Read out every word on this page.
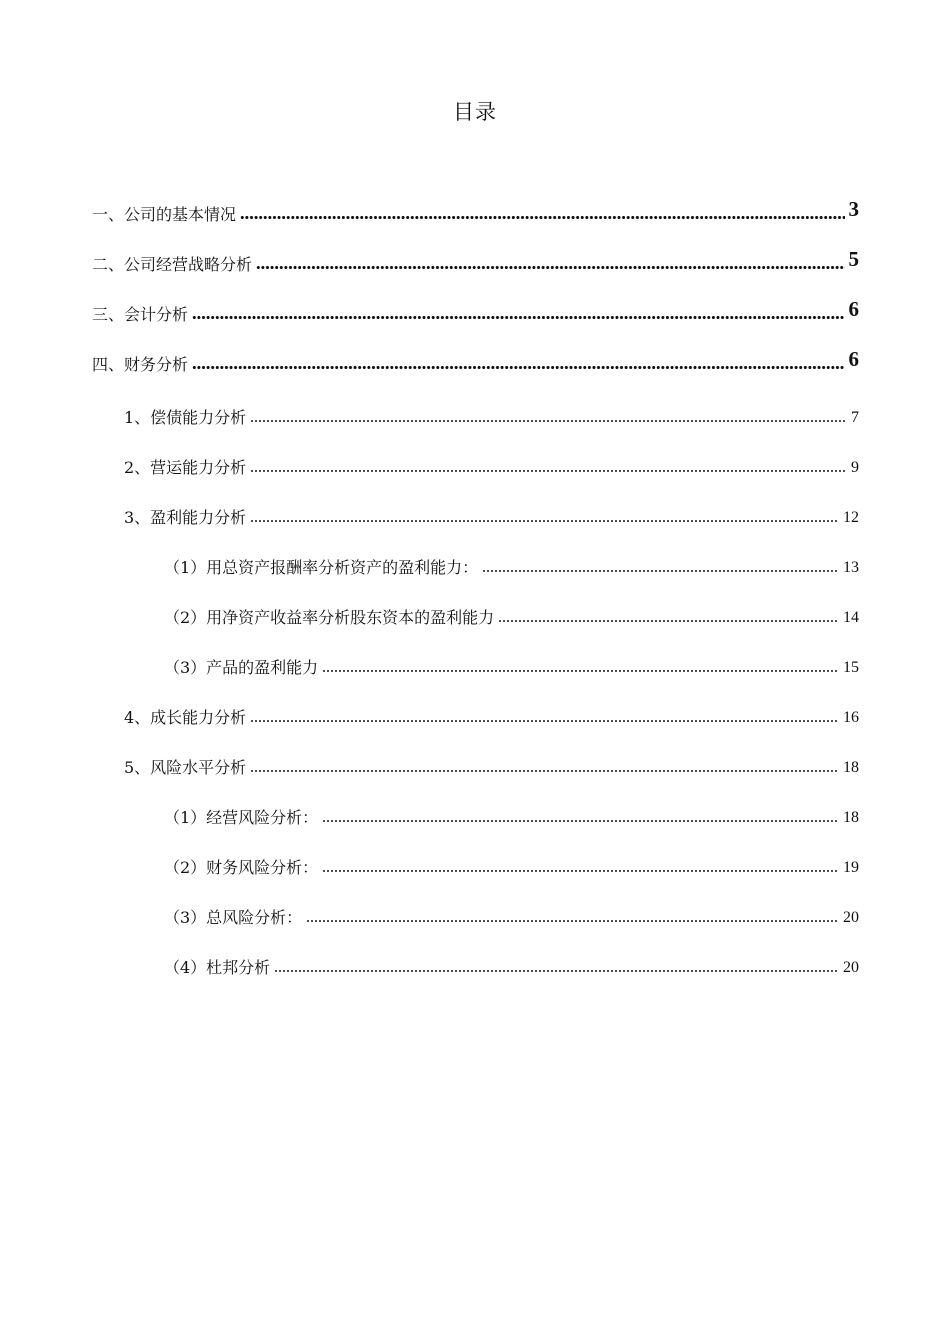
目录
一、公司的基本情况	3
二、公司经营战略分析	5
三、会计分析	6
四、财务分析	6
1、偿债能力分析	7
2、营运能力分析	9
3、盈利能力分析	12
（1）用总资产报酬率分析资产的盈利能力：	13
（2）用净资产收益率分析股东资本的盈利能力	14
（3）产品的盈利能力	15
4、成长能力分析	16
5、风险水平分析	18
（1）经营风险分析：	18
（2）财务风险分析：	19
（3）总风险分析：	20
（4）杜邦分析	20
